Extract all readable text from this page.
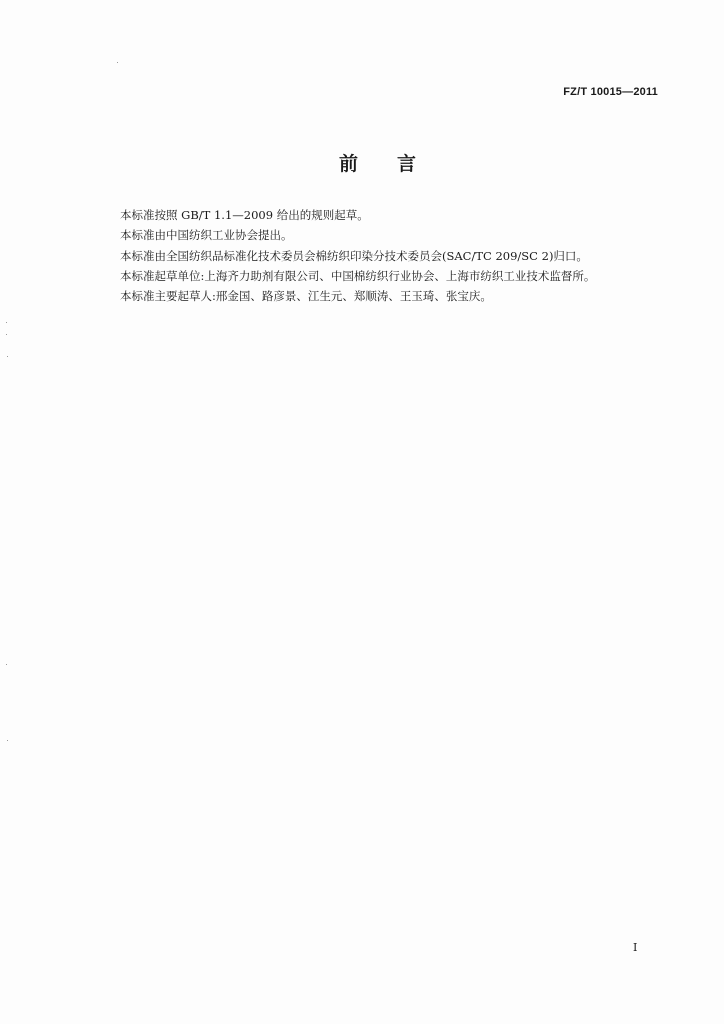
FZ/T 10015—2011
前言

本标准按照 GB/T 1.1—2009 给出的规则起草。

本标准由中国纺织工业协会提出。

本标准由全国纺织品标准化技术委员会棉纺织印染分技术委员会(SAC/TC 209/SC 2)归口。

本标准起草单位:上海齐力助剂有限公司、中国棉纺织行业协会、上海市纺织工业技术监督所。

本标准主要起草人:邢金国、路彦景、江生元、郑顺涛、王玉琦、张宝庆。

I
